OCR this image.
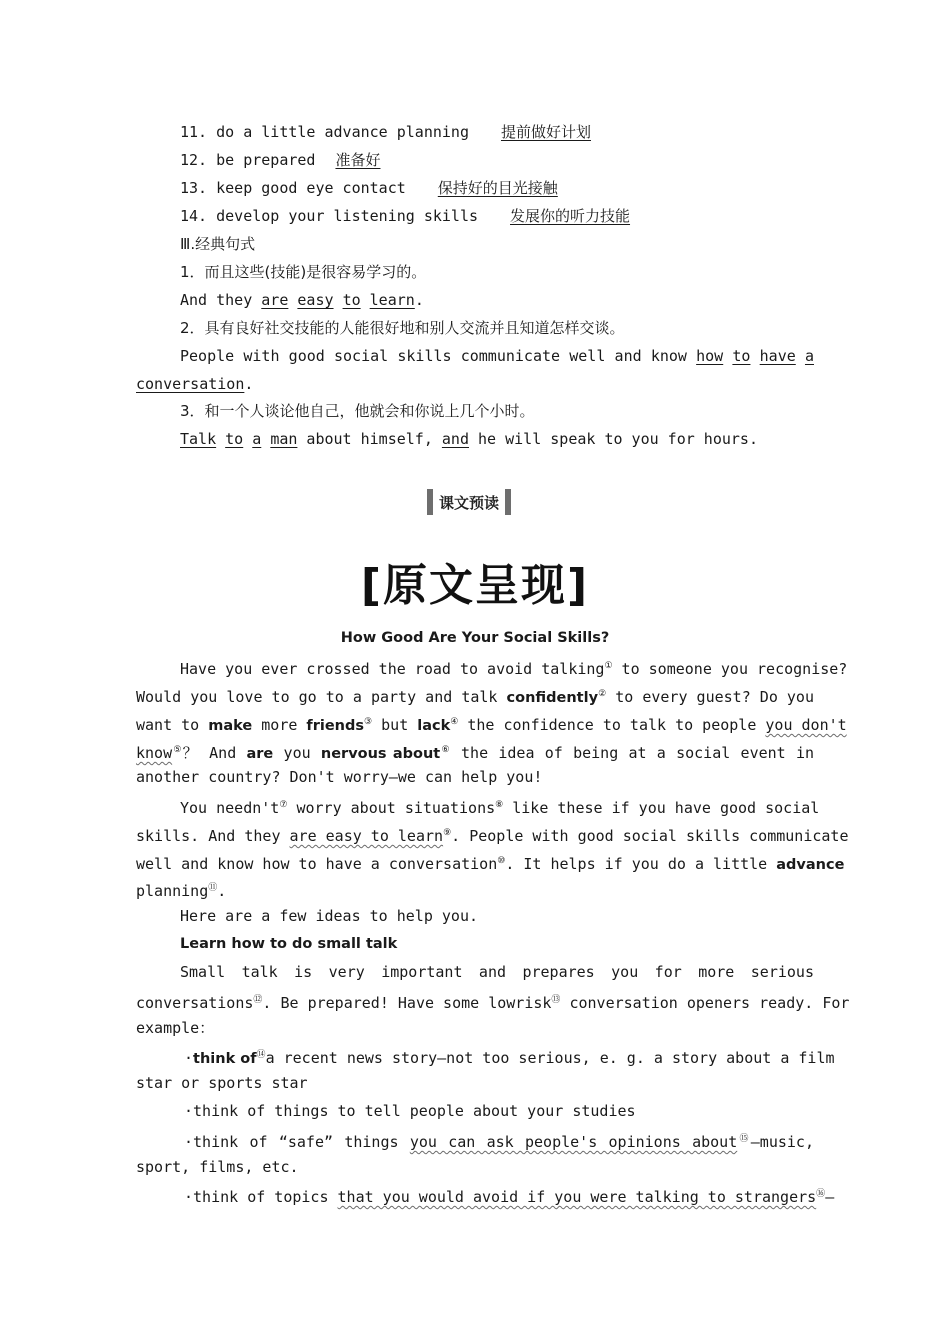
11. do a little advance planning 提前做好计划
12. be prepared 准备好
13. keep good eye contact 保持好的目光接触
14. develop your listening skills 发展你的听力技能
Ⅲ.经典句式
1．而且这些(技能)是很容易学习的。
And they are easy to learn.
2．具有良好社交技能的人能很好地和别人交流并且知道怎样交谈。
People with good social skills communicate well and know how to have a
conversation.
3．和一个人谈论他自己，他就会和你说上几个小时。
Talk to a man about himself, and he will speak to you for hours.
课文预读
[原文呈现]
How Good Are Your Social Skills?
Have you ever crossed the road to avoid talking① to someone you recognise?
Would you love to go to a party and talk confidently② to every guest? Do you
want to make more friends③ but lack④ the confidence to talk to people you don't
know⑤？ And are you nervous about⑥ the idea of being at a social event in
another country? Don't worry—we can help you!
You needn't⑦ worry about situations⑧ like these if you have good social
skills. And they are easy to learn⑨. People with good social skills communicate
well and know how to have a conversation⑩. It helps if you do a little advance
planning⑪.
Here are a few ideas to help you.
Learn how to do small talk
Small talk is very important and prepares you for more serious
conversations⑫. Be prepared! Have some lowrisk⑬ conversation openers ready. For
example：
·think of⑭a recent news story—not too serious, e. g. a story about a film
star or sports star
·think of things to tell people about your studies
·think of “safe” things you can ask people's opinions about⑮—music,
sport, films, etc.
·think of topics that you would avoid if you were talking to strangers⑯—
